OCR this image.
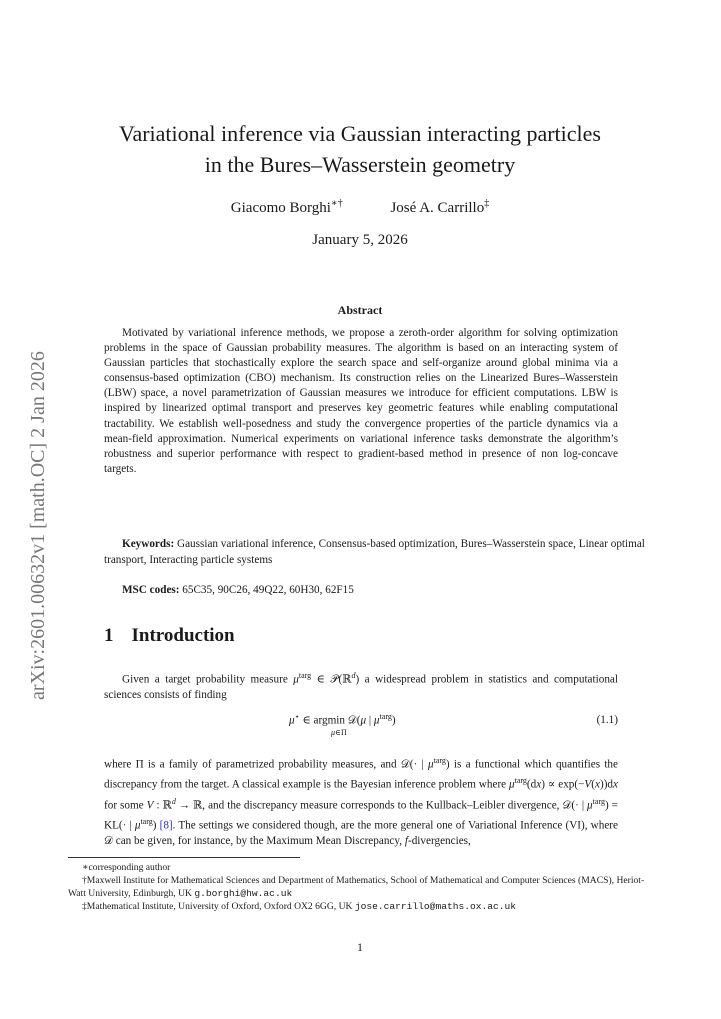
arXiv:2601.00632v1 [math.OC] 2 Jan 2026
Variational inference via Gaussian interacting particles
in the Bures–Wasserstein geometry
Giacomo Borghi∗†	José A. Carrillo‡
January 5, 2026
Abstract
Motivated by variational inference methods, we propose a zeroth-order algorithm for solving optimization problems in the space of Gaussian probability measures. The algorithm is based on an interacting system of Gaussian particles that stochastically explore the search space and self-organize around global minima via a consensus-based optimization (CBO) mechanism. Its construction relies on the Linearized Bures–Wasserstein (LBW) space, a novel parametrization of Gaussian measures we introduce for efficient computations. LBW is inspired by linearized optimal transport and preserves key geometric features while enabling computational tractability. We establish well-posedness and study the convergence properties of the particle dynamics via a mean-field approximation. Numerical experiments on variational inference tasks demonstrate the algorithm’s robustness and superior performance with respect to gradient-based method in presence of non log-concave targets.
Keywords: Gaussian variational inference, Consensus-based optimization, Bures–Wasserstein space, Linear optimal transport, Interacting particle systems
MSC codes: 65C35, 90C26, 49Q22, 60H30, 62F15
1 Introduction
Given a target probability measure $\mu^{targ}$ ∈ 𝒫(ℝ$^d$) a widespread problem in statistics and computational sciences consists of finding
μ⋆ ∈ argmin 𝒟(μ | $\mu^{targ}$)
μ∈Π
(1.1)
where Π is a family of parametrized probability measures, and 𝒟(· | $\mu^{targ}$) is a functional which quantifies the discrepancy from the target. A classical example is the Bayesian inference problem where $\mu^{targ}(dx) \propto \exp(-V(x))dx$ for some V : ℝ$^d$ → ℝ, and the discrepancy measure corresponds to the Kullback–Leibler divergence, 𝒟(· | $\mu^{targ}) = KL(\cdot$ | $\mu^{targ}$) [8]. The settings we considered though, are the more general one of Variational Inference (VI), where 𝒟 can be given, for instance, by the Maximum Mean Discrepancy, f-divergencies,
∗corresponding author
†Maxwell Institute for Mathematical Sciences and Department of Mathematics, School of Mathematical and Computer Sciences (MACS), Heriot-Watt University, Edinburgh, UK g.borghi@hw.ac.uk
‡Mathematical Institute, University of Oxford, Oxford OX2 6GG, UK jose.carrillo@maths.ox.ac.uk
1
